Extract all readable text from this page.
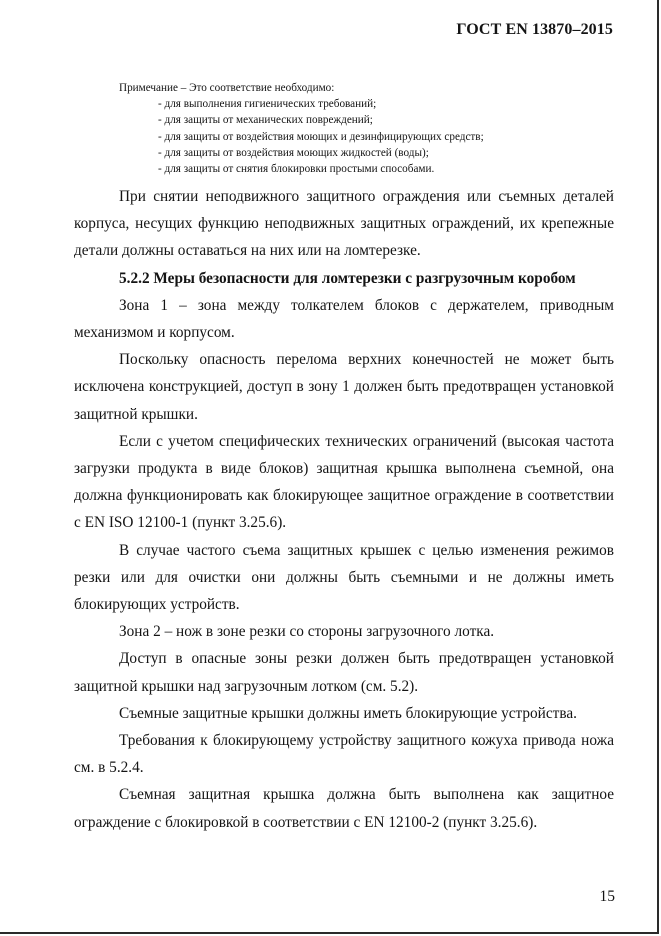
ГОСТ EN 13870–2015
Примечание – Это соответствие необходимо:
- для выполнения гигиенических требований;
- для защиты от механических повреждений;
- для защиты от воздействия моющих и дезинфицирующих средств;
- для защиты от воздействия моющих жидкостей (воды);
- для защиты от снятия блокировки простыми способами.

При снятии неподвижного защитного ограждения или съемных деталей корпуса, несущих функцию неподвижных защитных ограждений, их крепежные детали должны оставаться на них или на ломтерезке.

5.2.2 Меры безопасности для ломтерезки с разгрузочным коробом

Зона 1 – зона между толкателем блоков с держателем, приводным механизмом и корпусом.

Поскольку опасность перелома верхних конечностей не может быть исключена конструкцией, доступ в зону 1 должен быть предотвращен установкой защитной крышки.

Если с учетом специфических технических ограничений (высокая частота загрузки продукта в виде блоков) защитная крышка выполнена съемной, она должна функционировать как блокирующее защитное ограждение в соответствии с EN ISO 12100-1 (пункт 3.25.6).

В случае частого съема защитных крышек с целью изменения режимов резки или для очистки они должны быть съемными и не должны иметь блокирующих устройств.

Зона 2 – нож в зоне резки со стороны загрузочного лотка.

Доступ в опасные зоны резки должен быть предотвращен установкой защитной крышки над загрузочным лотком (см. 5.2).

Съемные защитные крышки должны иметь блокирующие устройства.

Требования к блокирующему устройству защитного кожуха привода ножа см. в 5.2.4.

Съемная защитная крышка должна быть выполнена как защитное ограждение с блокировкой в соответствии с EN 12100-2 (пункт 3.25.6).

15
